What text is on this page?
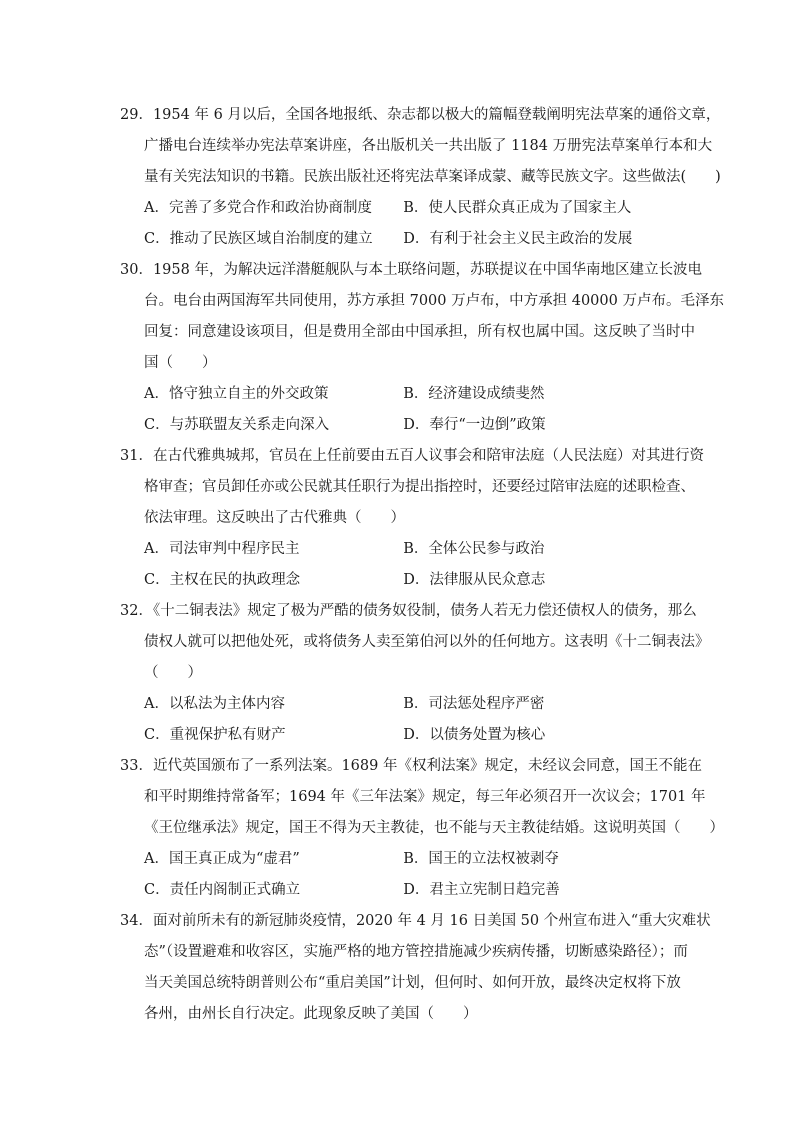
29．1954 年 6 月以后，全国各地报纸、杂志都以极大的篇幅登载阐明宪法草案的通俗文章，
广播电台连续举办宪法草案讲座，各出版机关一共出版了 1184 万册宪法草案单行本和大
量有关宪法知识的书籍。民族出版社还将宪法草案译成蒙、藏等民族文字。这些做法(　　)
A．完善了多党合作和政治协商制度	B．使人民群众真正成为了国家主人
C．推动了民族区域自治制度的建立	D．有利于社会主义民主政治的发展
30．1958 年，为解决远洋潜艇舰队与本土联络问题，苏联提议在中国华南地区建立长波电
台。电台由两国海军共同使用，苏方承担 7000 万卢布，中方承担 40000 万卢布。毛泽东
回复：同意建设该项目，但是费用全部由中国承担，所有权也属中国。这反映了当时中
国（　　）
A．恪守独立自主的外交政策	B．经济建设成绩斐然
C．与苏联盟友关系走向深入	D．奉行“一边倒”政策
31．在古代雅典城邦，官员在上任前要由五百人议事会和陪审法庭（人民法庭）对其进行资
格审查；官员卸任亦或公民就其任职行为提出指控时，还要经过陪审法庭的述职检查、
依法审理。这反映出了古代雅典（　　）
A．司法审判中程序民主	B．全体公民参与政治
C．主权在民的执政理念	D．法律服从民众意志
32．《十二铜表法》规定了极为严酷的债务奴役制，债务人若无力偿还债权人的债务，那么
债权人就可以把他处死，或将债务人卖至第伯河以外的任何地方。这表明《十二铜表法》
（　　）
A．以私法为主体内容	B．司法惩处程序严密
C．重视保护私有财产	D．以债务处置为核心
33．近代英国颁布了一系列法案。1689 年《权利法案》规定，未经议会同意，国王不能在
和平时期维持常备军；1694 年《三年法案》规定，每三年必须召开一次议会；1701 年
《王位继承法》规定，国王不得为天主教徒，也不能与天主教徒结婚。这说明英国（　　）
A．国王真正成为“虚君”	B．国王的立法权被剥夺
C．责任内阁制正式确立	D．君主立宪制日趋完善
34．面对前所未有的新冠肺炎疫情，2020 年 4 月 16 日美国 50 个州宣布进入“重大灾难状
态”（设置避难和收容区，实施严格的地方管控措施减少疾病传播，切断感染路径）；而
当天美国总统特朗普则公布“重启美国”计划，但何时、如何开放，最终决定权将下放
各州，由州长自行决定。此现象反映了美国（　　）
